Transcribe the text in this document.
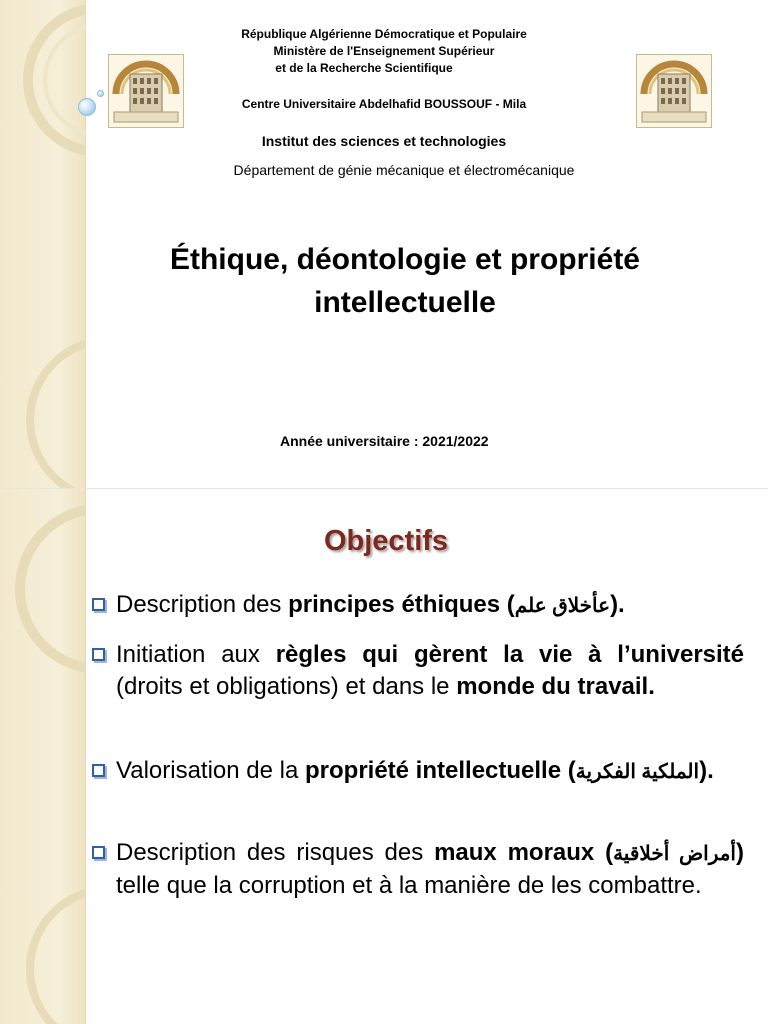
République Algérienne Démocratique et Populaire
Ministère de l'Enseignement Supérieur
et de la Recherche Scientifique
Centre Universitaire Abdelhafid BOUSSOUF - Mila
Institut des sciences et technologies
Département de génie mécanique et électromécanique
Éthique, déontologie et propriété
intellectuelle
Année universitaire : 2021/2022
Objectifs
Description des principes éthiques (عأخلاق علم).
Initiation aux règles qui gèrent la vie à l’université (droits et obligations) et dans le monde du travail.
Valorisation de la propriété intellectuelle (الملكية الفكرية).
Description des risques des maux moraux (أمراض أخلاقية) telle que la corruption et à la manière de les combattre.
